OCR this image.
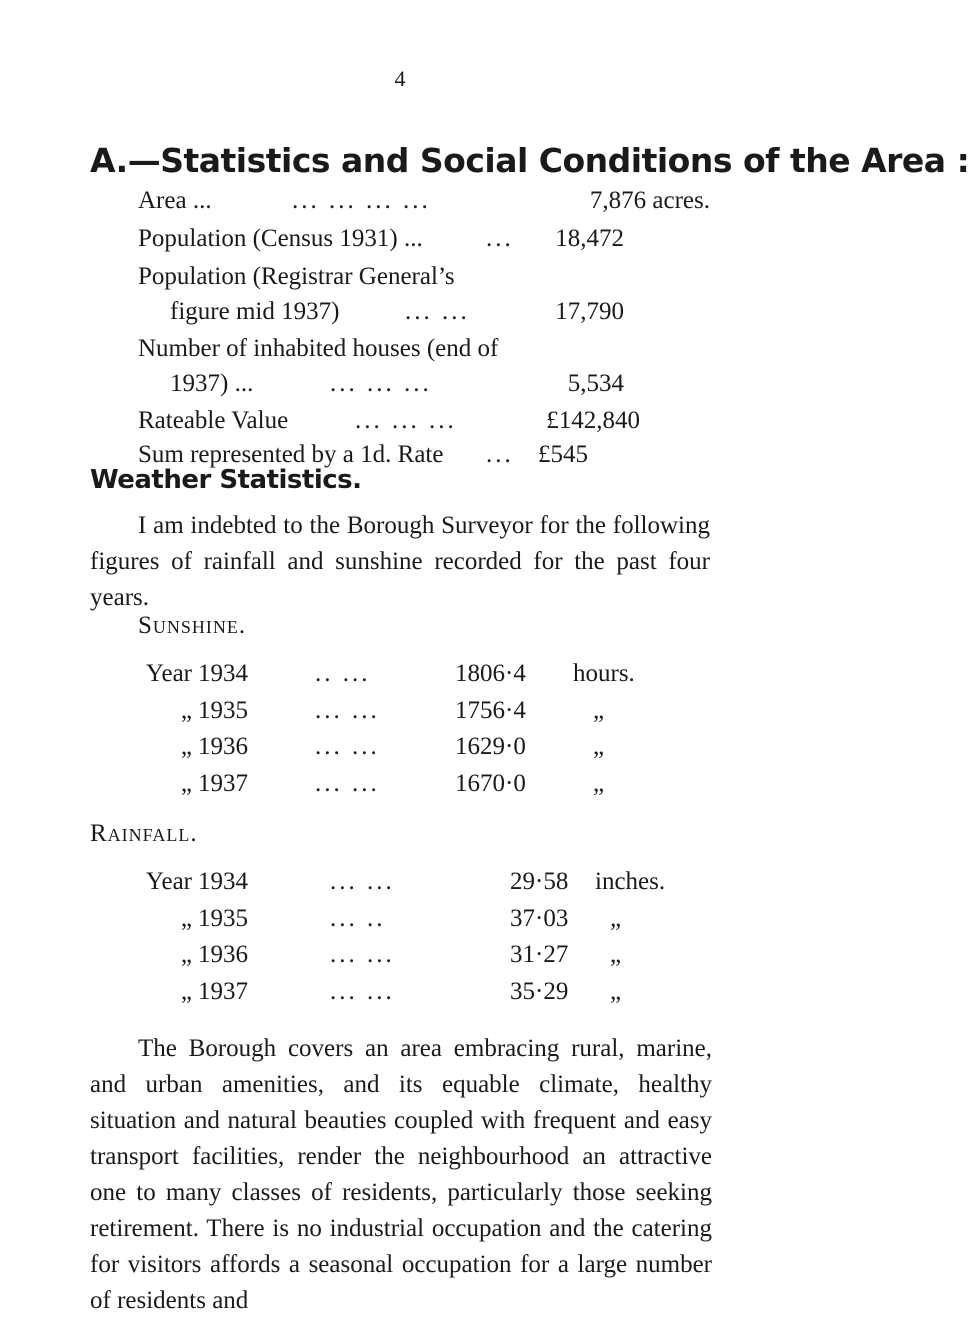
4
A.—Statistics and Social Conditions of the Area :
Area ...	... ... ... ...	7,876 acres.
Population (Census 1931) ...	... 18,472
Population (Registrar General’s
figure mid 1937)	... ...	17,790
Number of inhabited houses (end of
1937) ...	... ... ...	5,534
Rateable Value	... ... ...	£142,840
Sum represented by a 1d. Rate ... £545
Weather Statistics.
I am indebted to the Borough Surveyor for the following figures of rainfall and sunshine recorded for the past four years.
Sunshine.
Year 1934	.. ...	1806·4 hours.
„ 1935	... ...	1756·4	„
„ 1936	... ...	1629·0	„
„ 1937	... ...	1670·0	„
Rainfall.
Year 1934	... ...	29·58 inches.
„ 1935	... ..	37·03 „
„ 1936	... ...	31·27 „
„ 1937	... ...	35·29 „
The Borough covers an area embracing rural, marine, and urban amenities, and its equable climate, healthy situation and natural beauties coupled with frequent and easy transport facilities, render the neighbourhood an attractive one to many classes of residents, particularly those seeking retirement. There is no industrial occupation and the catering for visitors affords a seasonal occupation for a large number of residents and
